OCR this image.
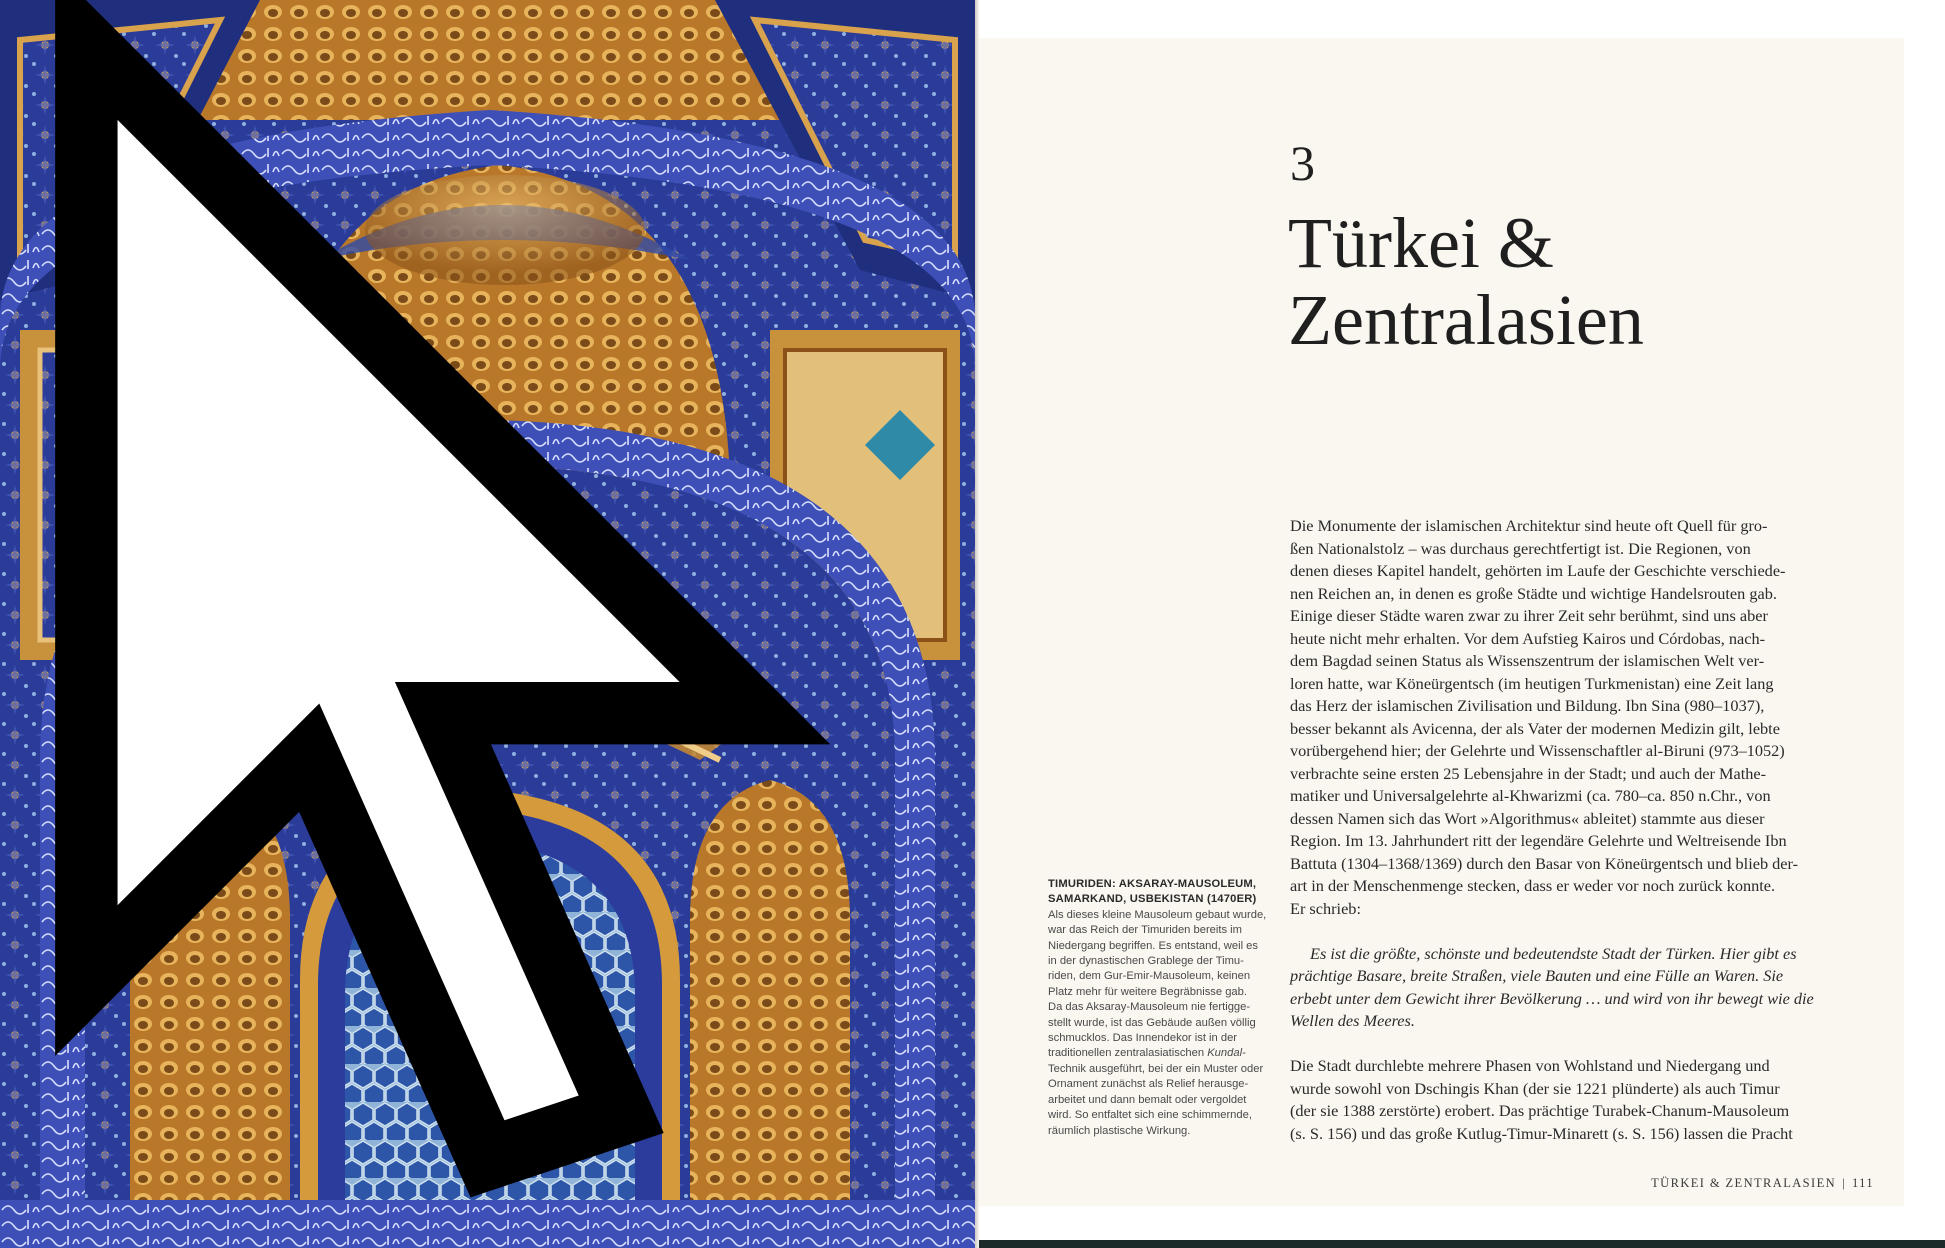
3
Türkei &
Zentralasien
TIMURIDEN: AKSARAY-MAUSOLEUM,
SAMARKAND, USBEKISTAN (1470ER)
Als dieses kleine Mausoleum gebaut wurde,
war das Reich der Timuriden bereits im
Niedergang begriffen. Es entstand, weil es
in der dynastischen Grablege der Timu-
riden, dem Gur-Emir-Mausoleum, keinen
Platz mehr für weitere Begräbnisse gab.
Da das Aksaray-Mausoleum nie fertigge-
stellt wurde, ist das Gebäude außen völlig
schmucklos. Das Innendekor ist in der
traditionellen zentralasiatischen Kundal-
Technik ausgeführt, bei der ein Muster oder
Ornament zunächst als Relief herausge-
arbeitet und dann bemalt oder vergoldet
wird. So entfaltet sich eine schimmernde,
räumlich plastische Wirkung.
Die Monumente der islamischen Architektur sind heute oft Quell für gro-
ßen Nationalstolz – was durchaus gerechtfertigt ist. Die Regionen, von
denen dieses Kapitel handelt, gehörten im Laufe der Geschichte verschiede-
nen Reichen an, in denen es große Städte und wichtige Handelsrouten gab.
Einige dieser Städte waren zwar zu ihrer Zeit sehr berühmt, sind uns aber
heute nicht mehr erhalten. Vor dem Aufstieg Kairos und Córdobas, nach-
dem Bagdad seinen Status als Wissenszentrum der islamischen Welt ver-
loren hatte, war Köneürgentsch (im heutigen Turkmenistan) eine Zeit lang
das Herz der islamischen Zivilisation und Bildung. Ibn Sina (980–1037),
besser bekannt als Avicenna, der als Vater der modernen Medizin gilt, lebte
vorübergehend hier; der Gelehrte und Wissenschaftler al-Biruni (973–1052)
verbrachte seine ersten 25 Lebensjahre in der Stadt; und auch der Mathe-
matiker und Universalgelehrte al-Khwarizmi (ca. 780–ca. 850 n.Chr., von
dessen Namen sich das Wort »Algorithmus« ableitet) stammte aus dieser
Region. Im 13. Jahrhundert ritt der legendäre Gelehrte und Weltreisende Ibn
Battuta (1304–1368/1369) durch den Basar von Köneürgentsch und blieb der-
art in der Menschenmenge stecken, dass er weder vor noch zurück konnte.
Er schrieb:
Es ist die größte, schönste und bedeutendste Stadt der Türken. Hier gibt es
prächtige Basare, breite Straßen, viele Bauten und eine Fülle an Waren. Sie
erbebt unter dem Gewicht ihrer Bevölkerung … und wird von ihr bewegt wie die
Wellen des Meeres.
Die Stadt durchlebte mehrere Phasen von Wohlstand und Niedergang und
wurde sowohl von Dschingis Khan (der sie 1221 plünderte) als auch Timur
(der sie 1388 zerstörte) erobert. Das prächtige Turabek-Chanum-Mausoleum
(s. S. 156) und das große Kutlug-Timur-Minarett (s. S. 156) lassen die Pracht
TÜRKEI & ZENTRALASIEN | 111
